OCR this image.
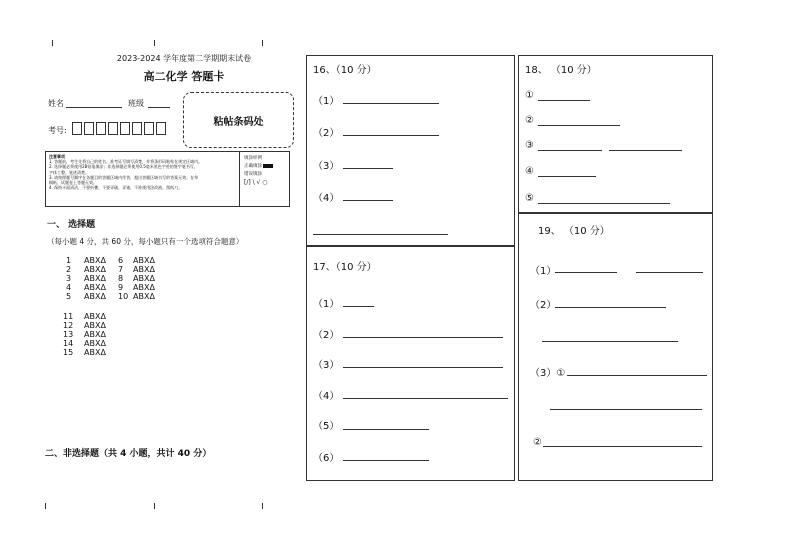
2023-2024 学年度第二学期期末试卷
高二化学 答题卡
姓名	班级
考号:
粘帖条码处
注意事项
1. 答题前，考生先将自己的姓名、准考证号填写清楚，并将条形码粘贴在规定区域内。
2. 选择题必须使用2B铅笔填涂；非选择题必须使用0.5毫米黑色字迹的签字笔书写，
字体工整、笔迹清楚。
3. 请按照题号顺序在各题目的答题区域内作答，超出答题区域书写的答案无效；在草
稿纸、试题卷上答题无效。
4. 保持卡面清洁，不要折叠、不要弄破、弄皱，不准使用涂改液、刮纸刀。
填涂样例
正确填涂
错误填涂
[/] \ √ ○
一、 选择题
（每小题 4 分，共 60 分，每小题只有一个选项符合题意）
1 ABXΔ
2 ABXΔ
3 ABXΔ
4 ABXΔ
5 ABXΔ
6 ABXΔ
7 ABXΔ
8 ABXΔ
9 ABXΔ
10 ABXΔ
11 ABXΔ
12 ABXΔ
13 ABXΔ
14 ABXΔ
15 ABXΔ
二、非选择题（共 4 小题，共计 40 分）
16、（10 分）
（1）
（2）
（3）
（4）
17、（10 分）
（1）
（2）
（3）
（4）
（5）
（6）
18、 （10 分）
①
②
③
④
⑤
19、 （10 分）
（1）
（2）
（3）①
②
